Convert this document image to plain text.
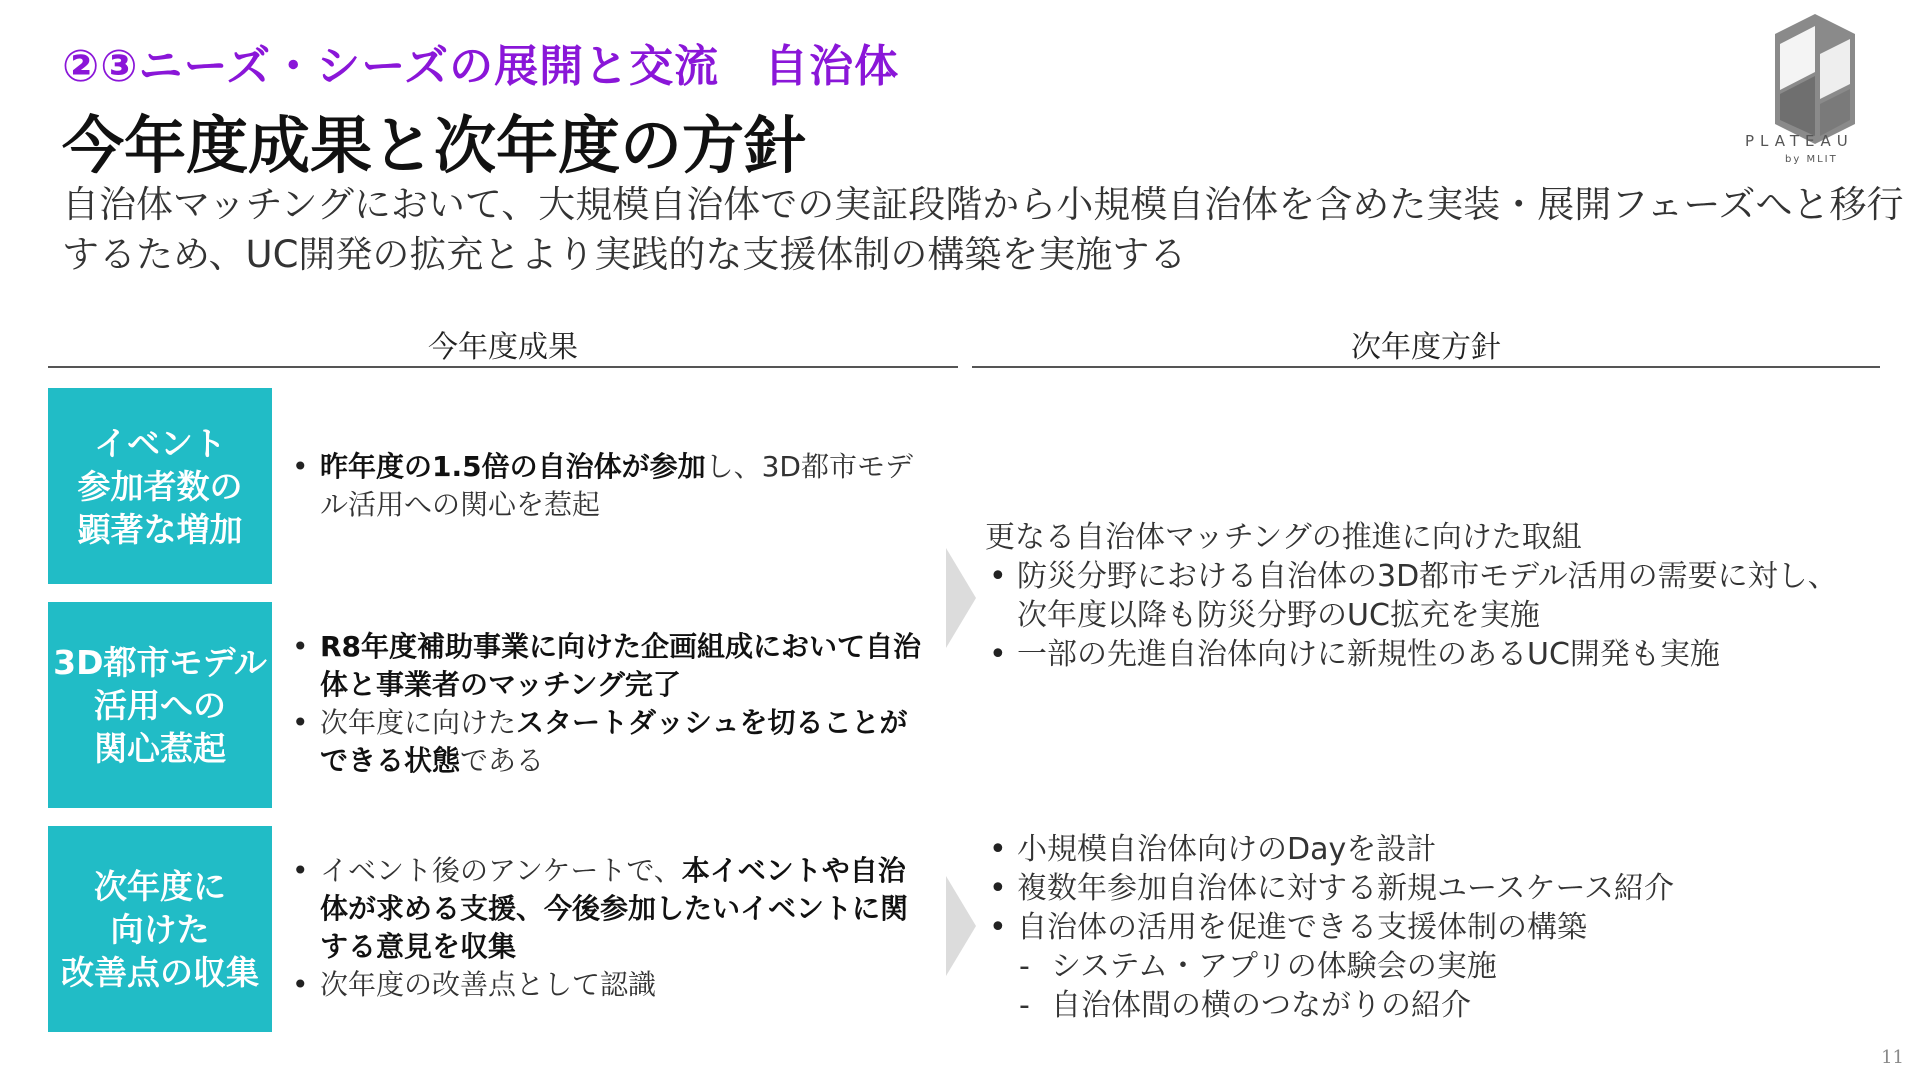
②③ニーズ・シーズの展開と交流　自治体
今年度成果と次年度の方針
自治体マッチングにおいて、大規模自治体での実証段階から小規模自治体を含めた実装・展開フェーズへと移行
するため、UC開発の拡充とより実践的な支援体制の構築を実施する
PLATEAU
by MLIT
今年度成果	次年度方針
イベント
参加者数の
顕著な増加
• 昨年度の1.5倍の自治体が参加し、3D都市モデル活用への関心を惹起
3D都市モデル
活用への
関心惹起
• R8年度補助事業に向けた企画組成において自治体と事業者のマッチング完了
• 次年度に向けたスタートダッシュを切ることができる状態である
次年度に
向けた
改善点の収集
• イベント後のアンケートで、本イベントや自治体が求める支援、今後参加したいイベントに関する意見を収集
• 次年度の改善点として認識
更なる自治体マッチングの推進に向けた取組
• 防災分野における自治体の3D都市モデル活用の需要に対し、次年度以降も防災分野のUC拡充を実施
• 一部の先進自治体向けに新規性のあるUC開発も実施
• 小規模自治体向けのDayを設計
• 複数年参加自治体に対する新規ユースケース紹介
• 自治体の活用を促進できる支援体制の構築
- システム・アプリの体験会の実施
- 自治体間の横のつながりの紹介
11
